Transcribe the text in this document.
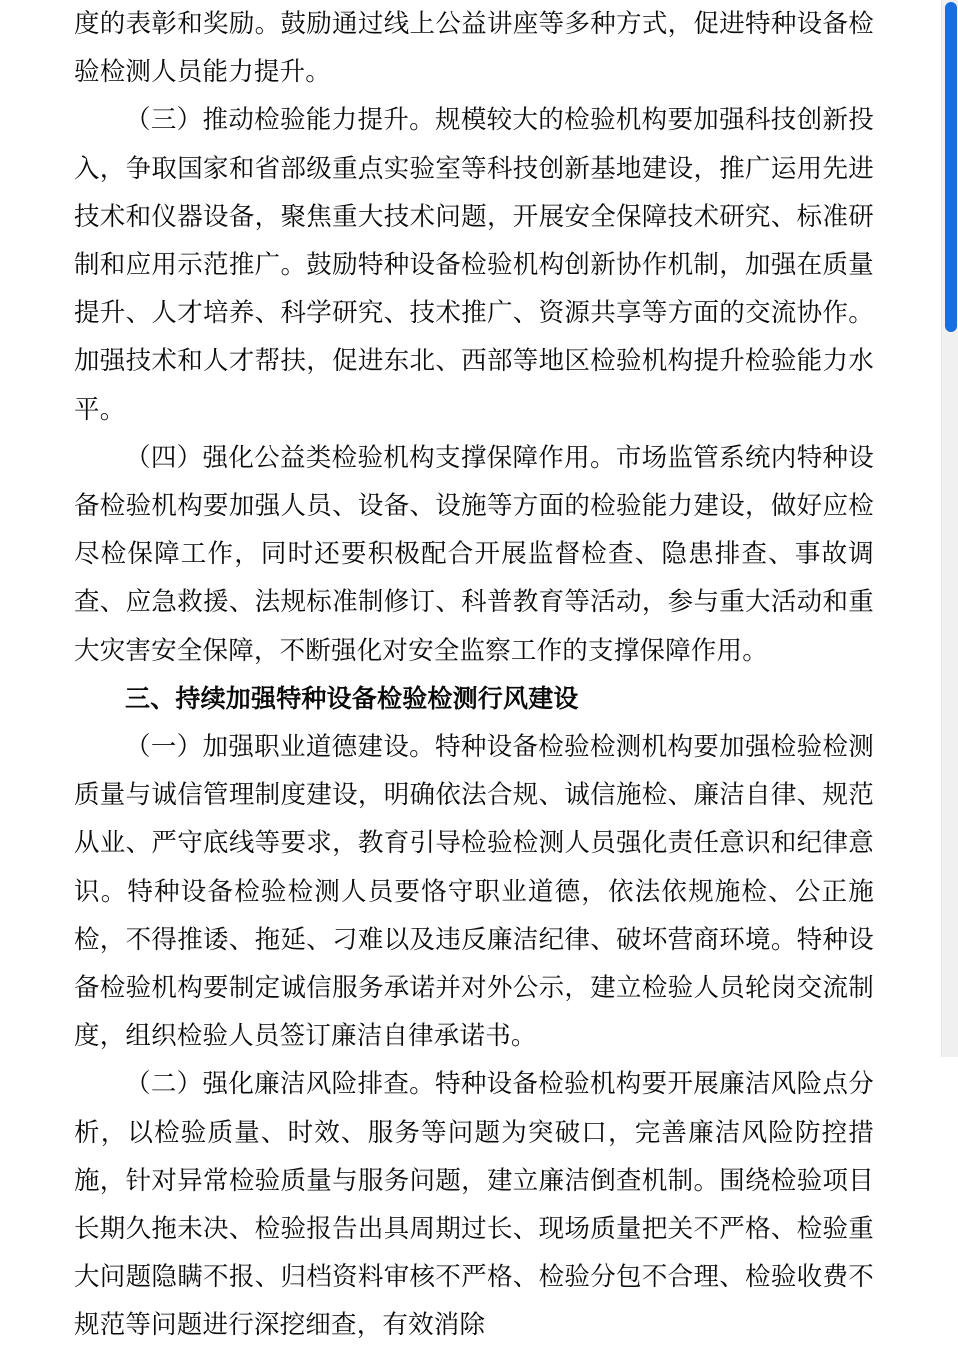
度的表彰和奖励。鼓励通过线上公益讲座等多种方式，促进特种设备检验检测人员能力提升。

（三）推动检验能力提升。规模较大的检验机构要加强科技创新投入，争取国家和省部级重点实验室等科技创新基地建设，推广运用先进技术和仪器设备，聚焦重大技术问题，开展安全保障技术研究、标准研制和应用示范推广。鼓励特种设备检验机构创新协作机制，加强在质量提升、人才培养、科学研究、技术推广、资源共享等方面的交流协作。加强技术和人才帮扶，促进东北、西部等地区检验机构提升检验能力水平。

（四）强化公益类检验机构支撑保障作用。市场监管系统内特种设备检验机构要加强人员、设备、设施等方面的检验能力建设，做好应检尽检保障工作，同时还要积极配合开展监督检查、隐患排查、事故调查、应急救援、法规标准制修订、科普教育等活动，参与重大活动和重大灾害安全保障，不断强化对安全监察工作的支撑保障作用。

三、持续加强特种设备检验检测行风建设

（一）加强职业道德建设。特种设备检验检测机构要加强检验检测质量与诚信管理制度建设，明确依法合规、诚信施检、廉洁自律、规范从业、严守底线等要求，教育引导检验检测人员强化责任意识和纪律意识。特种设备检验检测人员要恪守职业道德，依法依规施检、公正施检，不得推诿、拖延、刁难以及违反廉洁纪律、破坏营商环境。特种设备检验机构要制定诚信服务承诺并对外公示，建立检验人员轮岗交流制度，组织检验人员签订廉洁自律承诺书。

（二）强化廉洁风险排查。特种设备检验机构要开展廉洁风险点分析，以检验质量、时效、服务等问题为突破口，完善廉洁风险防控措施，针对异常检验质量与服务问题，建立廉洁倒查机制。围绕检验项目长期久拖未决、检验报告出具周期过长、现场质量把关不严格、检验重大问题隐瞒不报、归档资料审核不严格、检验分包不合理、检验收费不规范等问题进行深挖细查，有效消除
